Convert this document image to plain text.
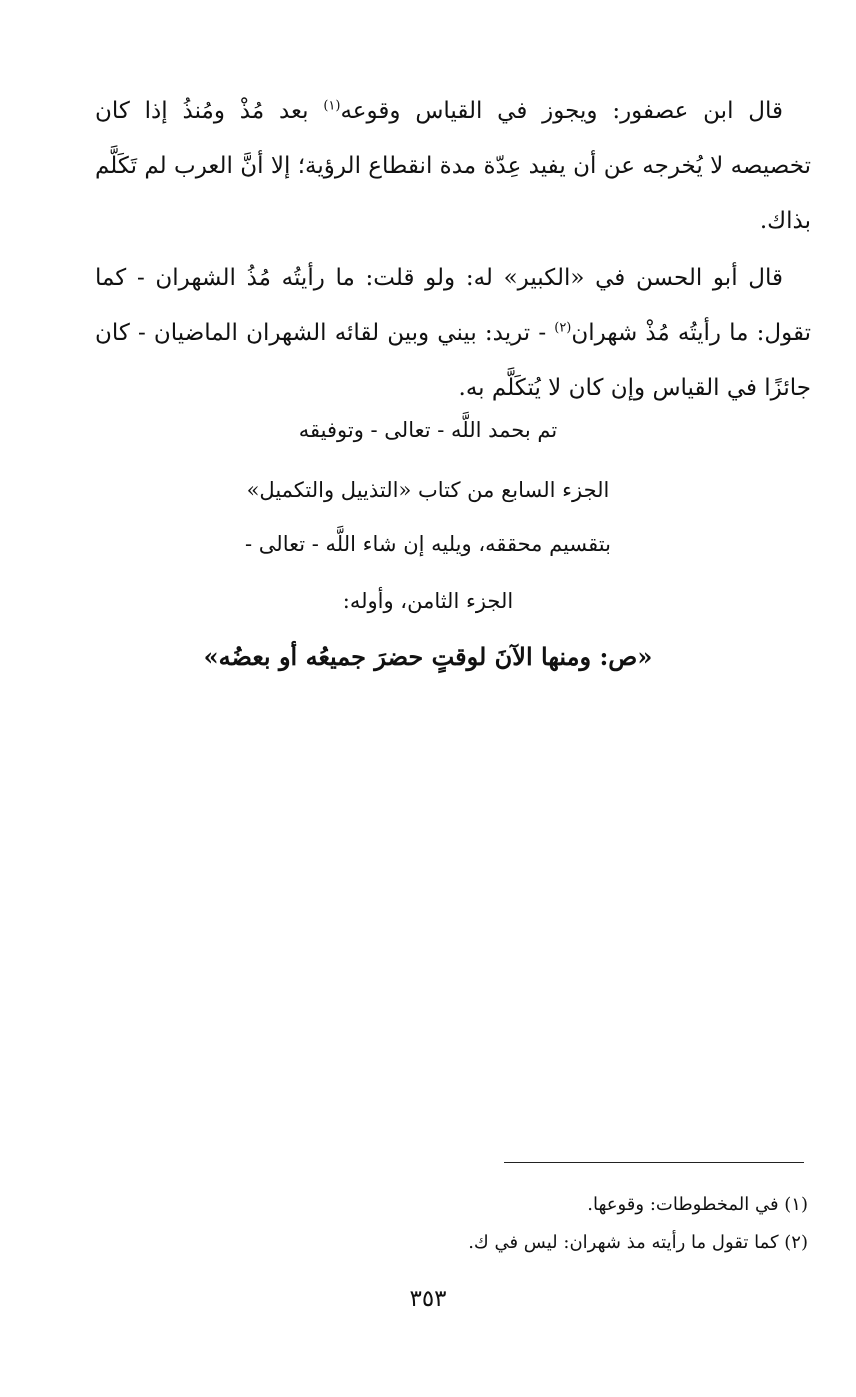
قال ابن عصفور: ويجوز في القياس وقوعه$^{(١)}$ بعد مُذْ ومُنذُ إذا كان تخصيصه لا يُخرجه عن أن يفيد عِدّة مدة انقطاع الرؤية؛ إلا أنَّ العرب لم تَكَلَّم بذاك.

قال أبو الحسن في «الكبير» له: ولو قلت: ما رأيتُه مُذُ الشهران - كما تقول: ما رأيتُه مُذْ شهران$^{(٢)}$ - تريد: بيني وبين لقائه الشهران الماضيان - كان جائزًا في القياس وإن كان لا يُتكَلَّم به.

تم بحمد اللَّه - تعالى - وتوفيقه
الجزء السابع من كتاب «التذييل والتكميل»
بتقسيم محققه، ويليه إن شاء اللَّه - تعالى -
الجزء الثامن، وأوله:
«ص: ومنها الآنَ لوقتٍ حضرَ جميعُه أو بعضُه»

(١) في المخطوطات: وقوعها.

(٢) كما تقول ما رأيته مذ شهران: ليس في ك.

٣٥٣
